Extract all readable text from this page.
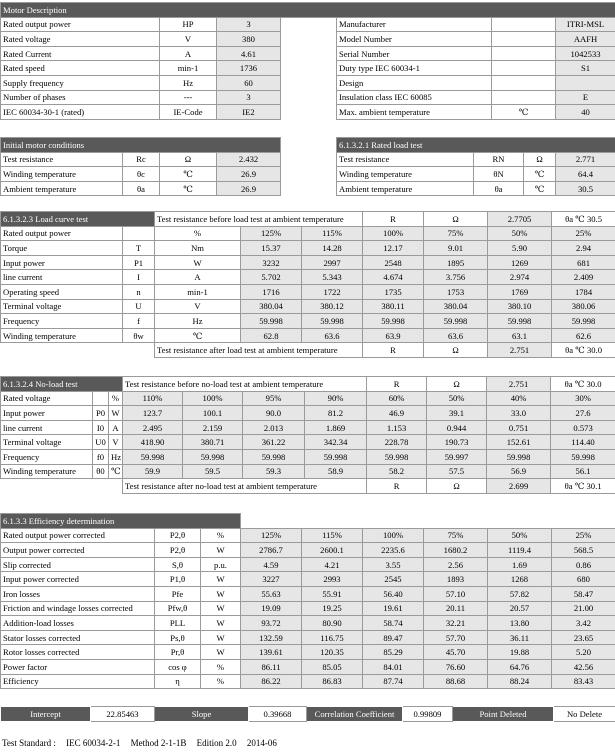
Motor Description						
Rated output power	HP	3		Manufacturer		ITRI-MSL
Rated voltage	V	380		Model Number		AAFH
Rated Current	A	4.61		Serial Number		1042533
Rated speed	min-1	1736		Duty type IEC 60034-1		S1
Supply frequency	Hz	60		Design		
Number of phases	---	3		Insulation class IEC 60085		E
IEC 60034-30-1 (rated)	IE-Code	IE2		Max. ambient temperature	℃	40
Initial motor conditions					6.1.3.2.1 Rated load test			
Test resistance	Rc	Ω	2.432		Test resistance	RN	Ω	2.771
Winding temperature	θc	℃	26.9		Winding temperature	θN	℃	64.4
Ambient temperature	θa	℃	26.9		Ambient temperature	θa	℃	30.5
6.1.3.2.3 Load curve test		Test resistance before load test at ambient temperature			R	Ω	2.7705	θa ℃ 30.5
Rated output power		%	125%	115%	100%	75%	50%	25%
Torque	T	Nm	15.37	14.28	12.17	9.01	5.90	2.94
Input power	P1	W	3232	2997	2548	1895	1269	681
line current	I	A	5.702	5.343	4.674	3.756	2.974	2.409
Operating speed	n	min-1	1716	1722	1735	1753	1769	1784
Terminal voltage	U	V	380.04	380.12	380.11	380.04	380.10	380.06
Frequency	f	Hz	59.998	59.998	59.998	59.998	59.998	59.998
Winding temperature	θw	℃	62.8	63.6	63.9	63.6	63.1	62.6
		Test resistance after load test at ambient temperature			R	Ω	2.751	θa ℃ 30.0
6.1.3.2.4 No-load test			Test resistance before no-load test at ambient temperature				R	Ω	2.751	θa ℃ 30.0
Rated voltage		%	110%	100%	95%	90%	60%	50%	40%	30%
Input power	P0	W	123.7	100.1	90.0	81.2	46.9	39.1	33.0	27.6
line current	I0	A	2.495	2.159	2.013	1.869	1.153	0.944	0.751	0.573
Terminal voltage	U0	V	418.90	380.71	361.22	342.34	228.78	190.73	152.61	114.40
Frequency	f0	Hz	59.998	59.998	59.998	59.998	59.998	59.997	59.998	59.998
Winding temperature	θ0	℃	59.9	59.5	59.3	58.9	58.2	57.5	56.9	56.1
			Test resistance after no-load test at ambient temperature				R	Ω	2.699	θa ℃ 30.1
6.1.3.3 Efficiency determination								
Rated output power corrected	P2,θ	%	125%	115%	100%	75%	50%	25%
Output power corrected	P2,θ	W	2786.7	2600.1	2235.6	1680.2	1119.4	568.5
Slip corrected	S,θ	p.u.	4.59	4.21	3.55	2.56	1.69	0.86
Input power corrected	P1,θ	W	3227	2993	2545	1893	1268	680
Iron losses	Pfe	W	55.63	55.91	56.40	57.10	57.82	58.47
Friction and windage losses corrected	Pfw,θ	W	19.09	19.25	19.61	20.11	20.57	21.00
Addition-load losses	PLL	W	93.72	80.90	58.74	32.21	13.80	3.42
Stator losses corrected	Ps,θ	W	132.59	116.75	89.47	57.70	36.11	23.65
Rotor losses corrected	Pr,θ	W	139.61	120.35	85.29	45.70	19.88	5.20
Power factor	cos φ	%	86.11	85.05	84.01	76.60	64.76	42.56
Efficiency	η	%	86.22	86.83	87.74	88.68	88.24	83.43
Intercept	22.85463	Slope	0.39668	Correlation Coefficient	0.99809	Point Deleted	No Delete
Test Standard : IEC 60034-2-1 Method 2-1-1B Edition 2.0 2014-06
